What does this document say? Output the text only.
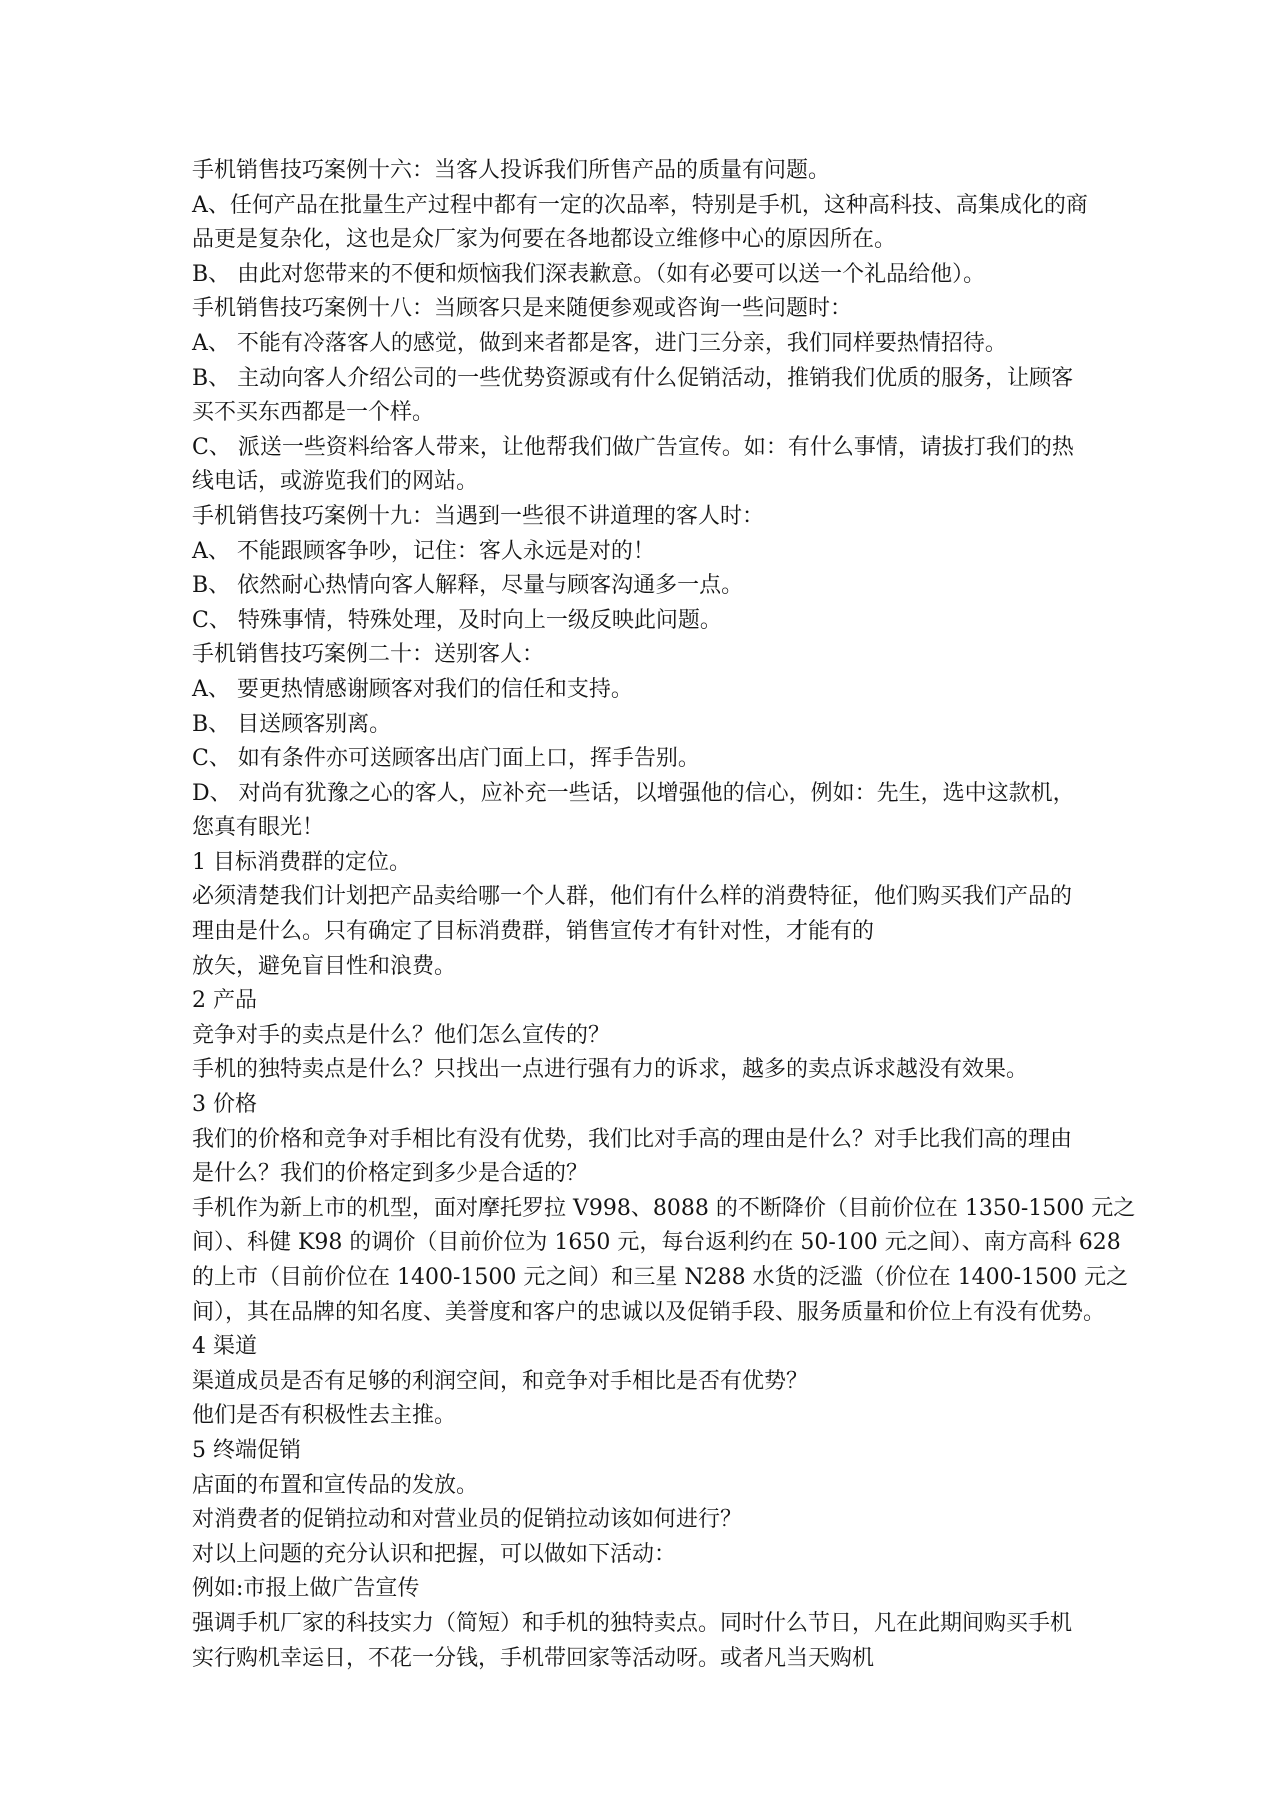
手机销售技巧案例十六：当客人投诉我们所售产品的质量有问题。

A、任何产品在批量生产过程中都有一定的次品率，特别是手机，这种高科技、高集成化的商

品更是复杂化，这也是众厂家为何要在各地都设立维修中心的原因所在。

B、 由此对您带来的不便和烦恼我们深表歉意。（如有必要可以送一个礼品给他）。

手机销售技巧案例十八：当顾客只是来随便参观或咨询一些问题时：

A、 不能有冷落客人的感觉，做到来者都是客，进门三分亲，我们同样要热情招待。

B、 主动向客人介绍公司的一些优势资源或有什么促销活动，推销我们优质的服务，让顾客

买不买东西都是一个样。

C、 派送一些资料给客人带来，让他帮我们做广告宣传。如：有什么事情，请拔打我们的热

线电话，或游览我们的网站。

手机销售技巧案例十九：当遇到一些很不讲道理的客人时：

A、 不能跟顾客争吵，记住：客人永远是对的！

B、 依然耐心热情向客人解释，尽量与顾客沟通多一点。

C、 特殊事情，特殊处理，及时向上一级反映此问题。

手机销售技巧案例二十：送别客人：

A、 要更热情感谢顾客对我们的信任和支持。

B、 目送顾客别离。

C、 如有条件亦可送顾客出店门面上口，挥手告别。

D、 对尚有犹豫之心的客人，应补充一些话，以增强他的信心，例如：先生，选中这款机，

您真有眼光！

1 目标消费群的定位。

必须清楚我们计划把产品卖给哪一个人群，他们有什么样的消费特征，他们购买我们产品的

理由是什么。只有确定了目标消费群，销售宣传才有针对性，才能有的

放矢，避免盲目性和浪费。

2 产品

竞争对手的卖点是什么？他们怎么宣传的？

手机的独特卖点是什么？只找出一点进行强有力的诉求，越多的卖点诉求越没有效果。

3 价格

我们的价格和竞争对手相比有没有优势，我们比对手高的理由是什么？对手比我们高的理由

是什么？我们的价格定到多少是合适的？

手机作为新上市的机型，面对摩托罗拉 V998、8088 的不断降价（目前价位在 1350-1500 元之

间）、科健 K98 的调价（目前价位为 1650 元，每台返利约在 50-100 元之间）、南方高科 628

的上市（目前价位在 1400-1500 元之间）和三星 N288 水货的泛滥（价位在 1400-1500 元之

间），其在品牌的知名度、美誉度和客户的忠诚以及促销手段、服务质量和价位上有没有优势。

4 渠道

渠道成员是否有足够的利润空间，和竞争对手相比是否有优势？

他们是否有积极性去主推。

5 终端促销

店面的布置和宣传品的发放。

对消费者的促销拉动和对营业员的促销拉动该如何进行？

对以上问题的充分认识和把握，可以做如下活动：

例如:市报上做广告宣传

强调手机厂家的科技实力（简短）和手机的独特卖点。同时什么节日，凡在此期间购买手机

实行购机幸运日，不花一分钱，手机带回家等活动呀。或者凡当天购机
